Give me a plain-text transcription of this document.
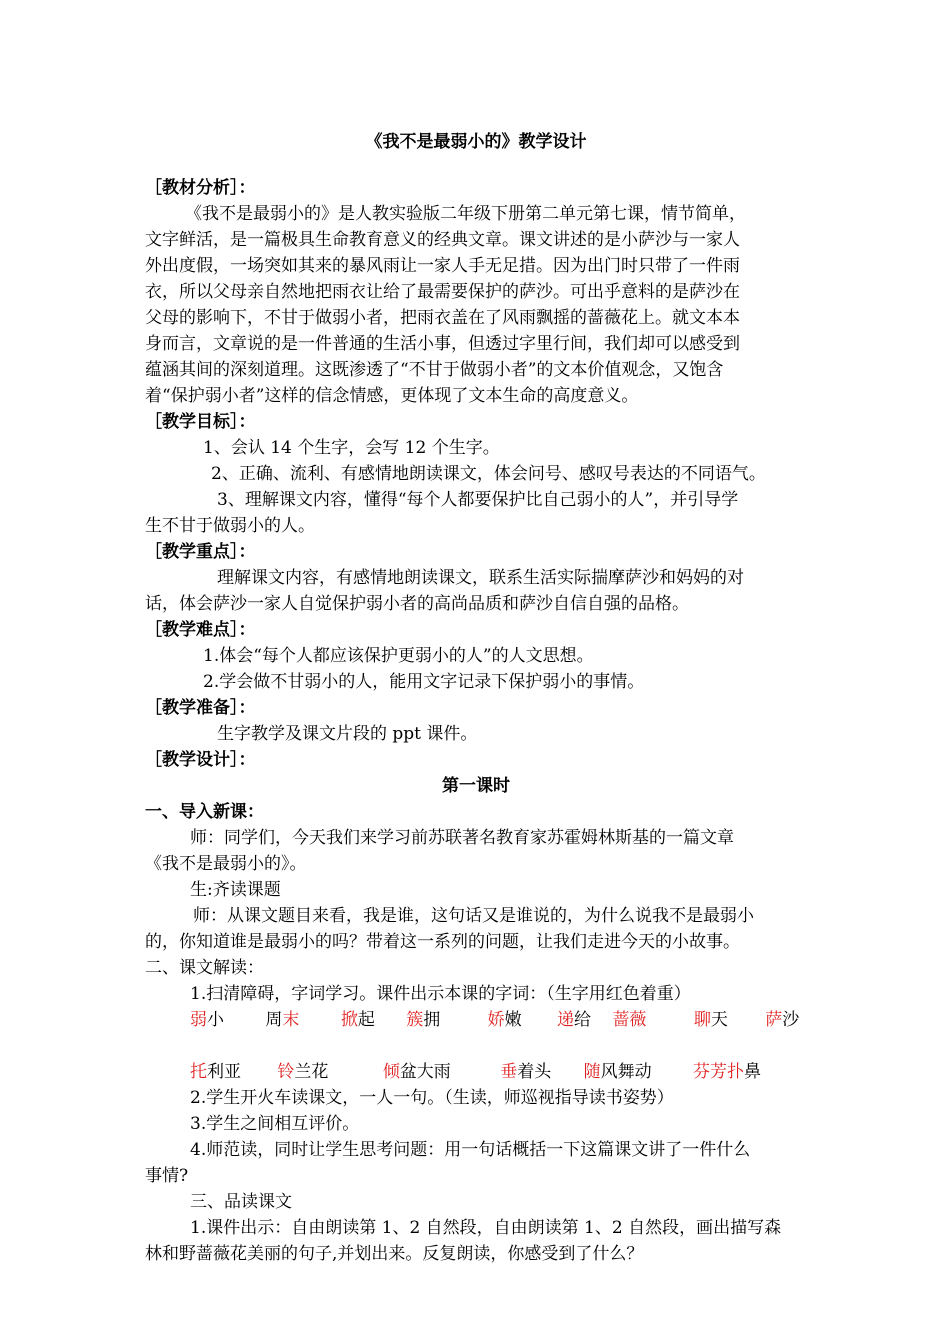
《我不是最弱小的》教学设计
［教材分析］：
《我不是最弱小的》是人教实验版二年级下册第二单元第七课，情节简单，
文字鲜活，是一篇极具生命教育意义的经典文章。课文讲述的是小萨沙与一家人
外出度假，一场突如其来的暴风雨让一家人手无足措。因为出门时只带了一件雨
衣，所以父母亲自然地把雨衣让给了最需要保护的萨沙。可出乎意料的是萨沙在
父母的影响下，不甘于做弱小者，把雨衣盖在了风雨飘摇的蔷薇花上。就文本本
身而言，文章说的是一件普通的生活小事，但透过字里行间，我们却可以感受到
蕴涵其间的深刻道理。这既渗透了“不甘于做弱小者”的文本价值观念，又饱含
着“保护弱小者”这样的信念情感，更体现了文本生命的高度意义。
［教学目标］：
1、会认 14 个生字，会写 12 个生字。
2、正确、流利、有感情地朗读课文，体会问号、感叹号表达的不同语气。
3、理解课文内容，懂得“每个人都要保护比自己弱小的人”，并引导学
生不甘于做弱小的人。
［教学重点］：
理解课文内容，有感情地朗读课文，联系生活实际揣摩萨沙和妈妈的对
话，体会萨沙一家人自觉保护弱小者的高尚品质和萨沙自信自强的品格。
［教学难点］：
1.体会“每个人都应该保护更弱小的人”的人文思想。
2.学会做不甘弱小的人，能用文字记录下保护弱小的事情。
［教学准备］：
生字教学及课文片段的 ppt 课件。
［教学设计］：
第一课时
一、导入新课：
师：同学们，今天我们来学习前苏联著名教育家苏霍姆林斯基的一篇文章
《我不是最弱小的》。
生:齐读课题
师：从课文题目来看，我是谁，这句话又是谁说的，为什么说我不是最弱小
的，你知道谁是最弱小的吗？带着这一系列的问题，让我们走进今天的小故事。
二、课文解读：
1.扫清障碍，字词学习。课件出示本课的字词：（生字用红色着重）
弱小 周末 掀起 簇拥	娇嫩 递给 蔷薇	聊天 萨沙
托利亚 铃兰花	倾盆大雨	垂着头 随风舞动 芬芳扑鼻
2.学生开火车读课文，一人一句。（生读，师巡视指导读书姿势）
3.学生之间相互评价。
4.师范读，同时让学生思考问题：用一句话概括一下这篇课文讲了一件什么
事情?
三、品读课文
1.课件出示：自由朗读第 1、2 自然段，自由朗读第 1、2 自然段，画出描写森
林和野蔷薇花美丽的句子,并划出来。反复朗读，你感受到了什么？
